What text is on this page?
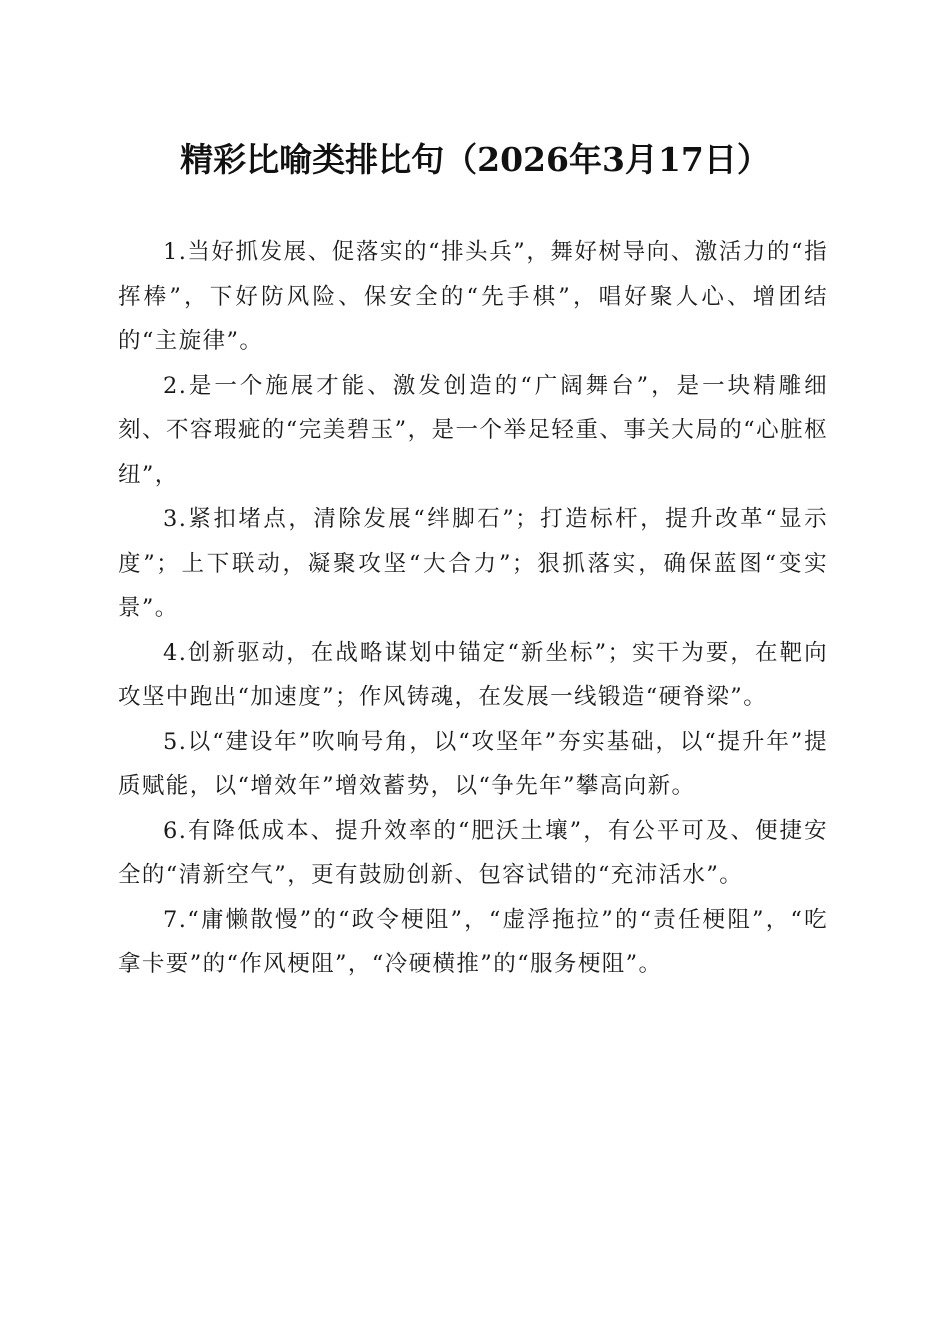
精彩比喻类排比句（2026年3月17日）

1.当好抓发展、促落实的“排头兵”，舞好树导向、激活力的“指挥棒”，下好防风险、保安全的“先手棋”，唱好聚人心、增团结的“主旋律”。

2.是一个施展才能、激发创造的“广阔舞台”，是一块精雕细刻、不容瑕疵的“完美碧玉”，是一个举足轻重、事关大局的“心脏枢纽”，

3.紧扣堵点，清除发展“绊脚石”；打造标杆，提升改革“显示度”；上下联动，凝聚攻坚“大合力”；狠抓落实，确保蓝图“变实景”。

4.创新驱动，在战略谋划中锚定“新坐标”；实干为要，在靶向攻坚中跑出“加速度”；作风铸魂，在发展一线锻造“硬脊梁”。

5.以“建设年”吹响号角，以“攻坚年”夯实基础，以“提升年”提质赋能，以“增效年”增效蓄势，以“争先年”攀高向新。

6.有降低成本、提升效率的“肥沃土壤”，有公平可及、便捷安全的“清新空气”，更有鼓励创新、包容试错的“充沛活水”。

7.“庸懒散慢”的“政令梗阻”，“虚浮拖拉”的“责任梗阻”，“吃拿卡要”的“作风梗阻”，“冷硬横推”的“服务梗阻”。
